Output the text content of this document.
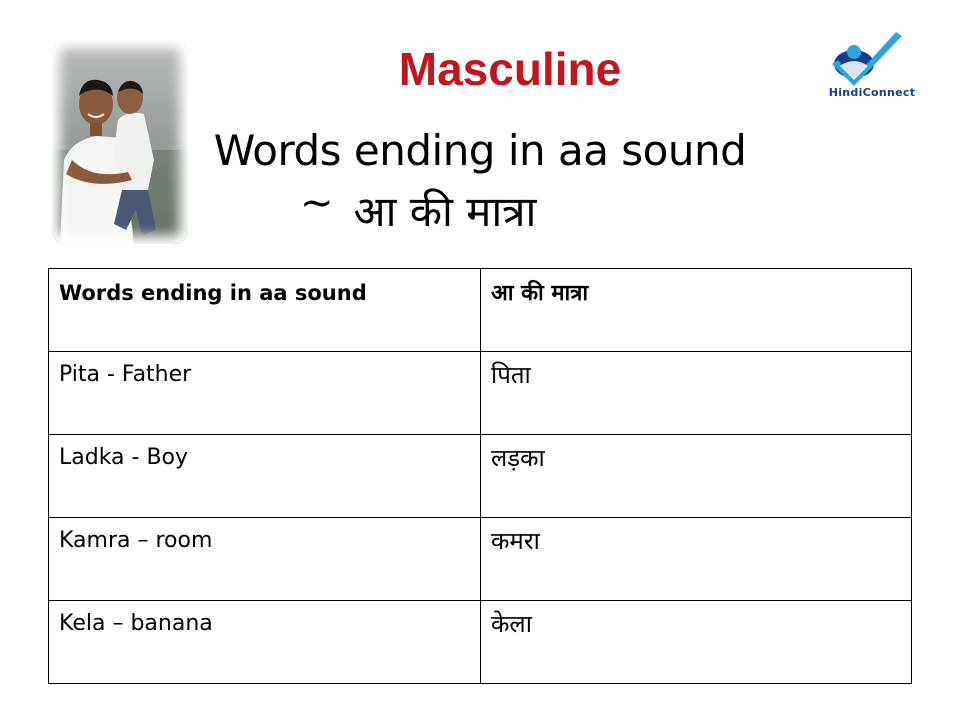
Masculine
Words ending in aa sound
~ आ की मात्रा
HindiConnect
Words ending in aa sound	आ की मात्रा
Pita - Father	पिता
Ladka - Boy	लड़का
Kamra – room	कमरा
Kela – banana	केला
